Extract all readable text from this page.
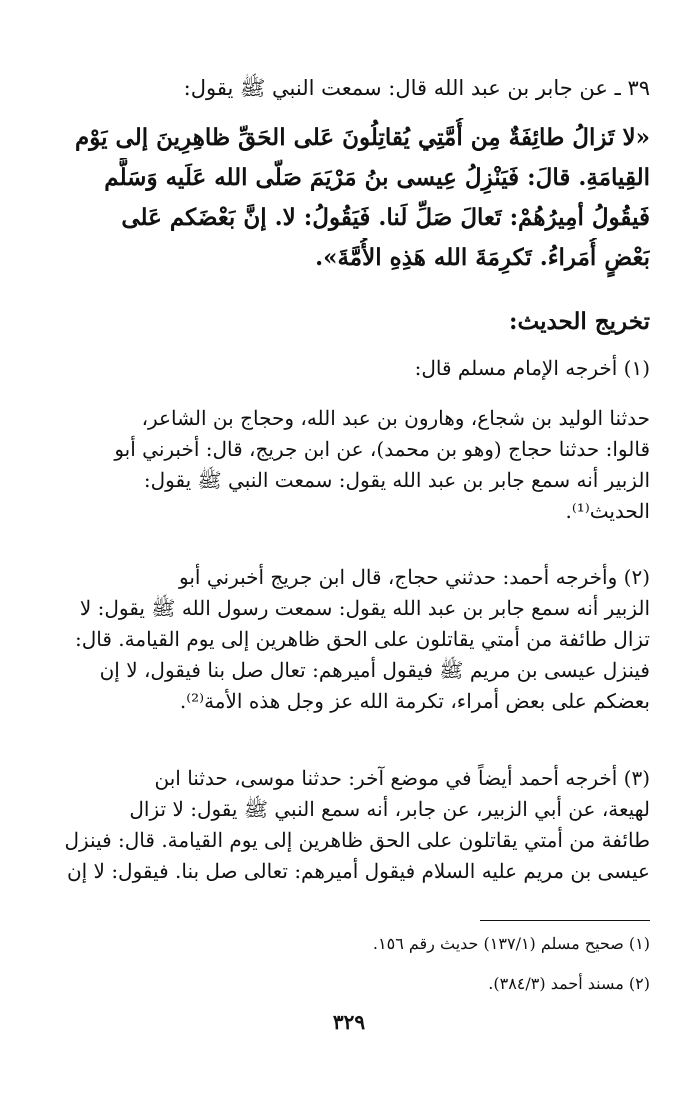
٣٩ ـ عن جابر بن عبد الله قال: سمعت النبي ﷺ يقول:
«لا تَزالُ طائِفَةٌ مِن أُمَّتِي يُقاتِلُونَ عَلى الحَقِّ ظاهِرِينَ إلى يَوْم
القِيامَةِ. قالَ: فَيَنْزِلُ عِيسى بنُ مَرْيَمَ صَلّى الله عَلَيه وَسَلَّم
فَيقُولُ أمِيرُهُمْ: تَعالَ صَلِّ لَنا. فَيَقُولُ: لا. إنَّ بَعْضَكم عَلى
بَعْضٍ أُمَراءُ. تَكرِمَةَ الله هَذِهِ الأُمَّةَ».
تخريج الحديث:
(١) أخرجه الإمام مسلم قال:
حدثنا الوليد بن شجاع، وهارون بن عبد الله، وحجاج بن الشاعر،
قالوا: حدثنا حجاج (وهو بن محمد)، عن ابن جريج، قال: أخبرني أبو
الزبير أنه سمع جابر بن عبد الله يقول: سمعت النبي ﷺ يقول:
الحديث⁽¹⁾.
(٢) وأخرجه أحمد: حدثني حجاج، قال ابن جريج أخبرني أبو
الزبير أنه سمع جابر بن عبد الله يقول: سمعت رسول الله ﷺ يقول: لا
تزال طائفة من أمتي يقاتلون على الحق ظاهرين إلى يوم القيامة. قال:
فينزل عيسى بن مريم ﷺ فيقول أميرهم: تعال صل بنا فيقول، لا إن
بعضكم على بعض أمراء، تكرمة الله عز وجل هذه الأمة⁽²⁾.
(٣) أخرجه أحمد أيضاً في موضع آخر: حدثنا موسى، حدثنا ابن
لهيعة، عن أبي الزبير، عن جابر، أنه سمع النبي ﷺ يقول: لا تزال
طائفة من أمتي يقاتلون على الحق ظاهرين إلى يوم القيامة. قال: فينزل
عيسى بن مريم عليه السلام فيقول أميرهم: تعالى صل بنا. فيقول: لا إن
(١) صحيح مسلم (١٣٧/١) حديث رقم ١٥٦.
(٢) مسند أحمد (٣٨٤/٣).
٣٢٩
